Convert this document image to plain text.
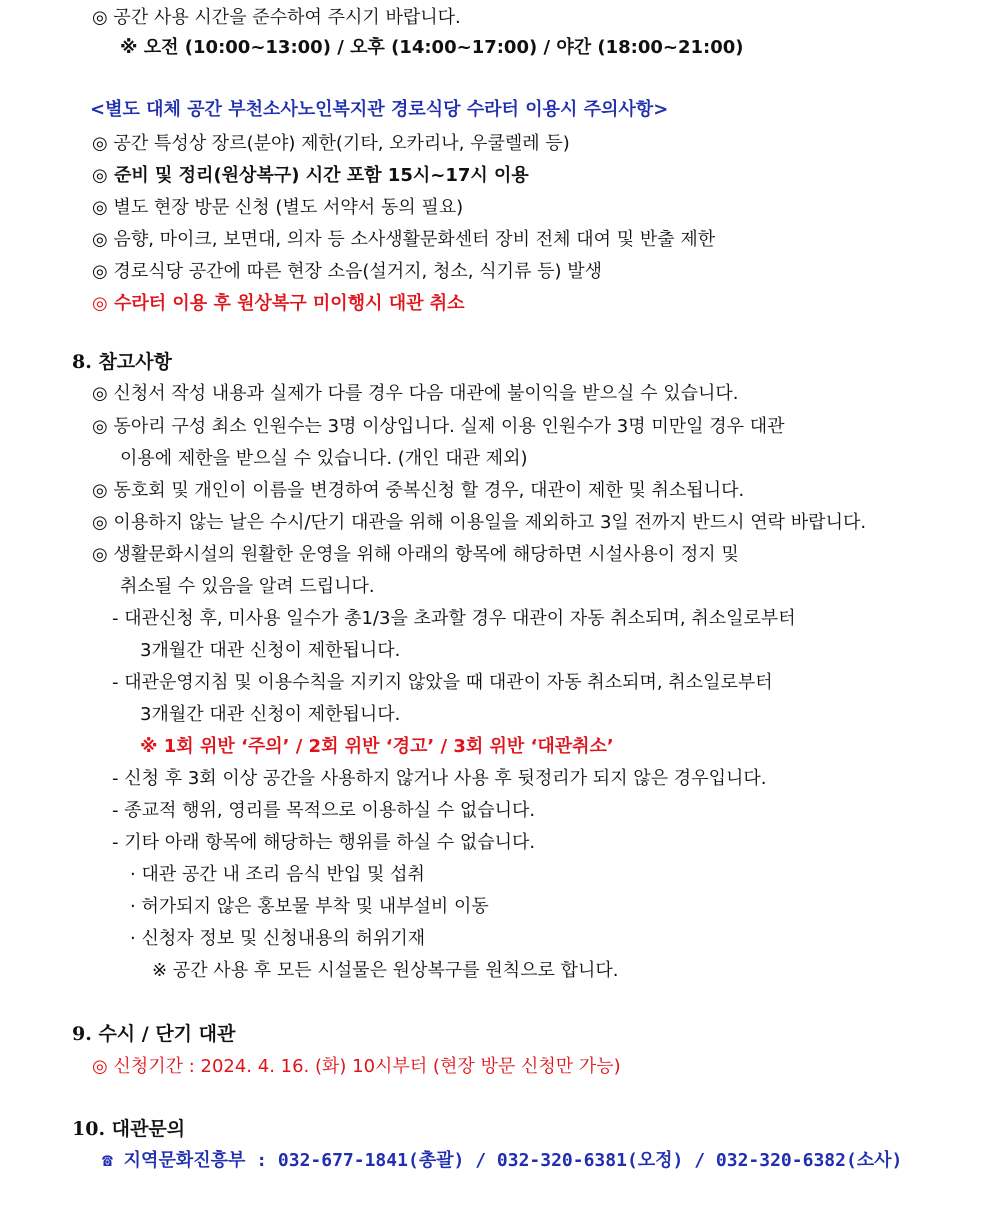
◎ 공간 사용 시간을 준수하여 주시기 바랍니다.
※ 오전 (10:00~13:00) / 오후 (14:00~17:00) / 야간 (18:00~21:00)
<별도 대체 공간 부천소사노인복지관 경로식당 수라터 이용시 주의사항>
◎ 공간 특성상 장르(분야) 제한(기타, 오카리나, 우쿨렐레 등)
◎ 준비 및 정리(원상복구) 시간 포함 15시~17시 이용
◎ 별도 현장 방문 신청 (별도 서약서 동의 필요)
◎ 음향, 마이크, 보면대, 의자 등 소사생활문화센터 장비 전체 대여 및 반출 제한
◎ 경로식당 공간에 따른 현장 소음(설거지, 청소, 식기류 등) 발생
◎ 수라터 이용 후 원상복구 미이행시 대관 취소
8. 참고사항
◎ 신청서 작성 내용과 실제가 다를 경우 다음 대관에 불이익을 받으실 수 있습니다.
◎ 동아리 구성 최소 인원수는 3명 이상입니다. 실제 이용 인원수가 3명 미만일 경우 대관
이용에 제한을 받으실 수 있습니다. (개인 대관 제외)
◎ 동호회 및 개인이 이름을 변경하여 중복신청 할 경우, 대관이 제한 및 취소됩니다.
◎ 이용하지 않는 날은 수시/단기 대관을 위해 이용일을 제외하고 3일 전까지 반드시 연락 바랍니다.
◎ 생활문화시설의 원활한 운영을 위해 아래의 항목에 해당하면 시설사용이 정지 및
취소될 수 있음을 알려 드립니다.
- 대관신청 후, 미사용 일수가 총1/3을 초과할 경우 대관이 자동 취소되며, 취소일로부터
3개월간 대관 신청이 제한됩니다.
- 대관운영지침 및 이용수칙을 지키지 않았을 때 대관이 자동 취소되며, 취소일로부터
3개월간 대관 신청이 제한됩니다.
※ 1회 위반 ‘주의’ / 2회 위반 ‘경고’ / 3회 위반 ‘대관취소’
- 신청 후 3회 이상 공간을 사용하지 않거나 사용 후 뒷정리가 되지 않은 경우입니다.
- 종교적 행위, 영리를 목적으로 이용하실 수 없습니다.
- 기타 아래 항목에 해당하는 행위를 하실 수 없습니다.
· 대관 공간 내 조리 음식 반입 및 섭취
· 허가되지 않은 홍보물 부착 및 내부설비 이동
· 신청자 정보 및 신청내용의 허위기재
※ 공간 사용 후 모든 시설물은 원상복구를 원칙으로 합니다.
9. 수시 / 단기 대관
◎ 신청기간 : 2024. 4. 16. (화) 10시부터 (현장 방문 신청만 가능)
10. 대관문의
☎ 지역문화진흥부 : 032-677-1841(총괄) / 032-320-6381(오정) / 032-320-6382(소사)
